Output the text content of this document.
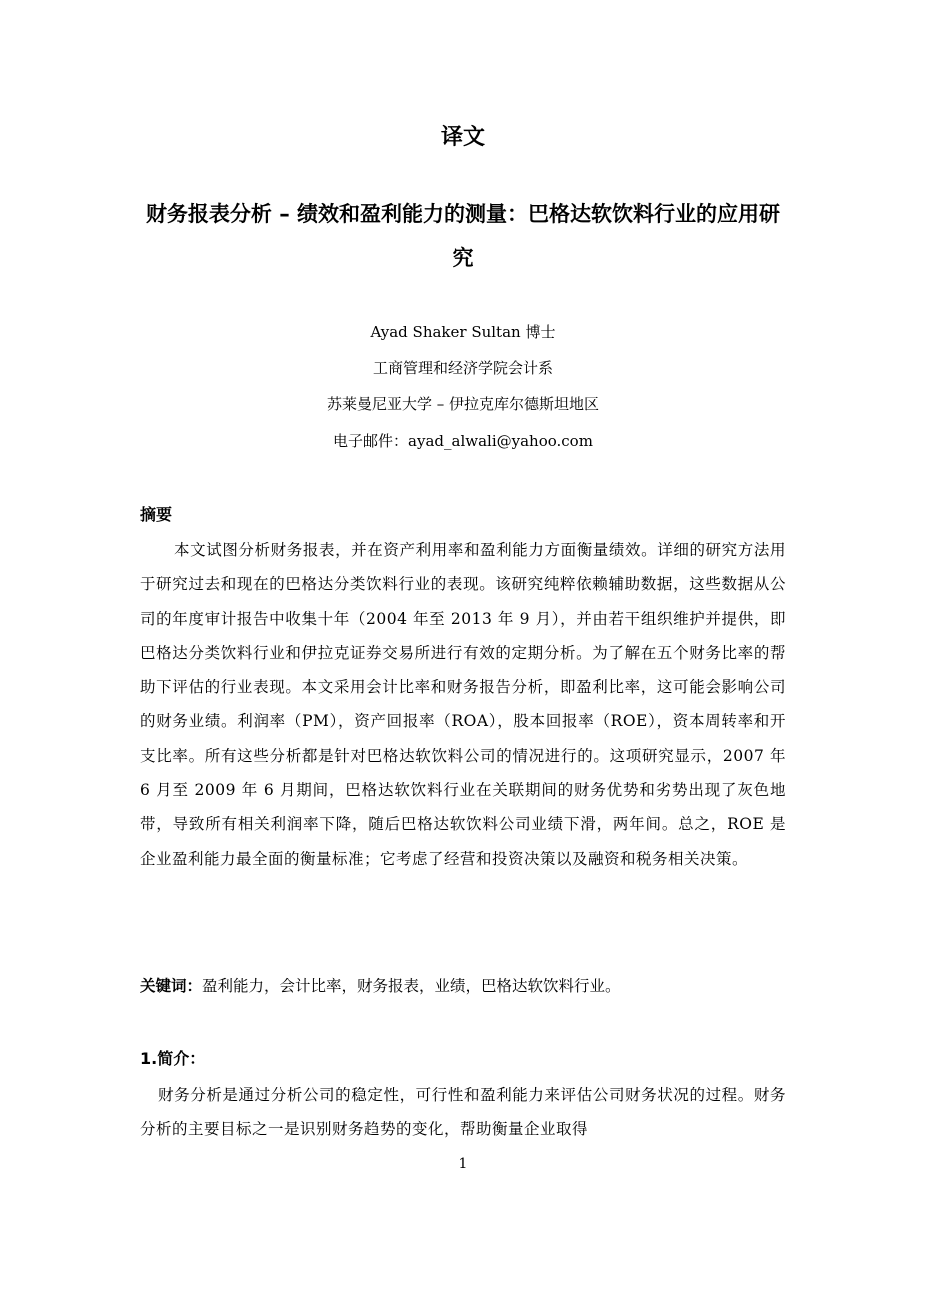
译文
财务报表分析 – 绩效和盈利能力的测量：巴格达软饮料行业的应用研究
Ayad Shaker Sultan 博士
工商管理和经济学院会计系
苏莱曼尼亚大学 – 伊拉克库尔德斯坦地区
电子邮件：ayad_alwali@yahoo.com
摘要
本文试图分析财务报表，并在资产利用率和盈利能力方面衡量绩效。详细的研究方法用于研究过去和现在的巴格达分类饮料行业的表现。该研究纯粹依赖辅助数据，这些数据从公司的年度审计报告中收集十年（2004 年至 2013 年 9 月），并由若干组织维护并提供，即巴格达分类饮料行业和伊拉克证券交易所进行有效的定期分析。为了解在五个财务比率的帮助下评估的行业表现。本文采用会计比率和财务报告分析，即盈利比率，这可能会影响公司的财务业绩。利润率（PM），资产回报率（ROA），股本回报率（ROE），资本周转率和开支比率。所有这些分析都是针对巴格达软饮料公司的情况进行的。这项研究显示，2007 年 6 月至 2009 年 6 月期间，巴格达软饮料行业在关联期间的财务优势和劣势出现了灰色地带，导致所有相关利润率下降，随后巴格达软饮料公司业绩下滑，两年间。总之，ROE 是企业盈利能力最全面的衡量标准；它考虑了经营和投资决策以及融资和税务相关决策。
关键词：盈利能力，会计比率，财务报表，业绩，巴格达软饮料行业。
1.简介：
财务分析是通过分析公司的稳定性，可行性和盈利能力来评估公司财务状况的过程。财务分析的主要目标之一是识别财务趋势的变化，帮助衡量企业取得
1
